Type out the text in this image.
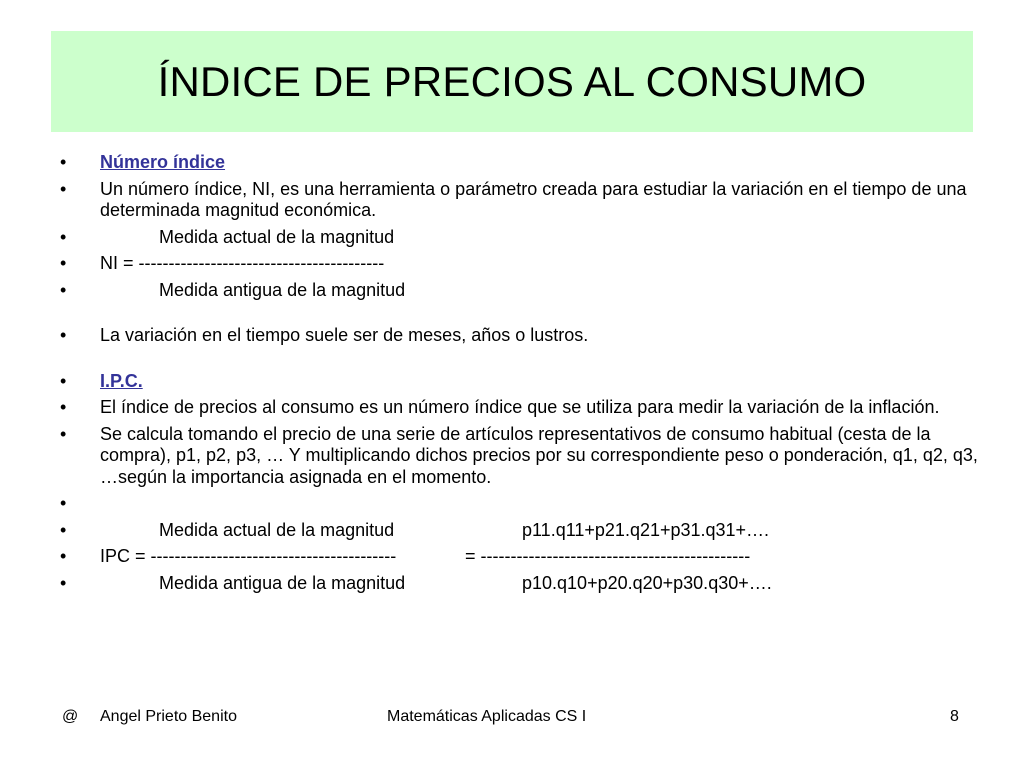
ÍNDICE DE PRECIOS AL CONSUMO
• Número índice
• Un número índice, NI, es una herramienta o parámetro creada para estudiar la variación en el tiempo de una determinada magnitud económica.
•	Medida actual de la magnitud
• NI = -----------------------------------------
•	Medida antigua de la magnitud
• La variación en el tiempo suele ser de meses, años o lustros.
• I.P.C.
• El índice de precios al consumo es un número índice que se utiliza para medir la variación de la inflación.
• Se calcula tomando el precio de una serie de artículos representativos de consumo habitual (cesta de la compra), p1, p2, p3, … Y multiplicando dichos precios por su correspondiente peso o ponderación, q1, q2, q3, …según la importancia asignada en el momento.
•

•	Medida actual de la magnitud	p11.q11+p21.q21+p31.q31+….
• IPC = -----------------------------------------	= ---------------------------------------------
•	Medida antigua de la magnitud	p10.q10+p20.q20+p30.q30+….
@ Angel Prieto Benito	Matemáticas Aplicadas CS I	8
